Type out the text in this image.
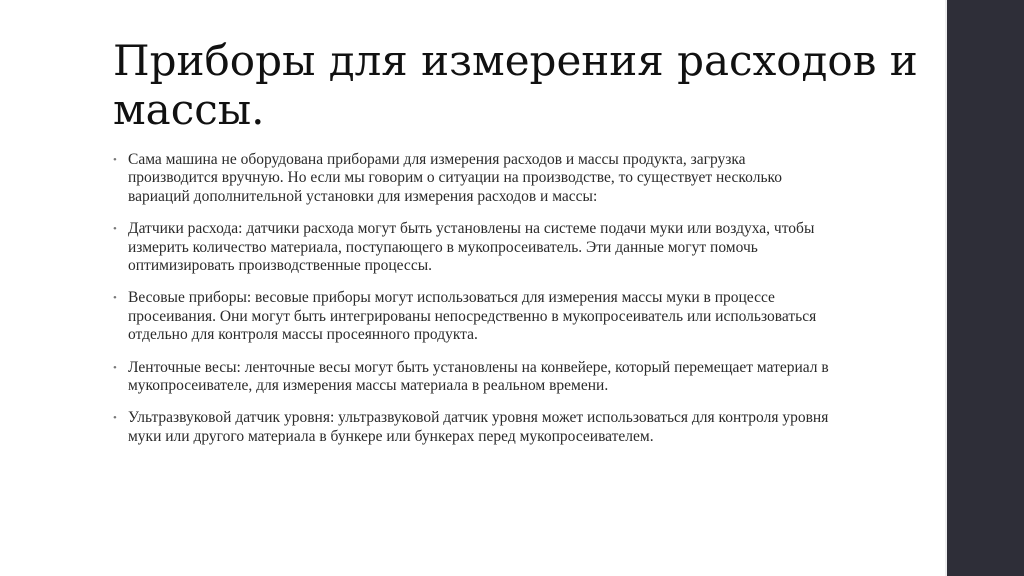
Приборы для измерения расходов и массы.
• Сама машина не оборудована приборами для измерения расходов и массы продукта, загрузка производится вручную. Но если мы говорим о ситуации на производстве, то существует несколько вариаций дополнительной установки для измерения расходов и массы:
• Датчики расхода: датчики расхода могут быть установлены на системе подачи муки или воздуха, чтобы измерить количество материала, поступающего в мукопросеиватель. Эти данные могут помочь оптимизировать производственные процессы.
• Весовые приборы: весовые приборы могут использоваться для измерения массы муки в процессе просеивания. Они могут быть интегрированы непосредственно в мукопросеиватель или использоваться отдельно для контроля массы просеянного продукта.
• Ленточные весы: ленточные весы могут быть установлены на конвейере, который перемещает материал в мукопросеивателе, для измерения массы материала в реальном времени.
• Ультразвуковой датчик уровня: ультразвуковой датчик уровня может использоваться для контроля уровня муки или другого материала в бункере или бункерах перед мукопросеивателем.
